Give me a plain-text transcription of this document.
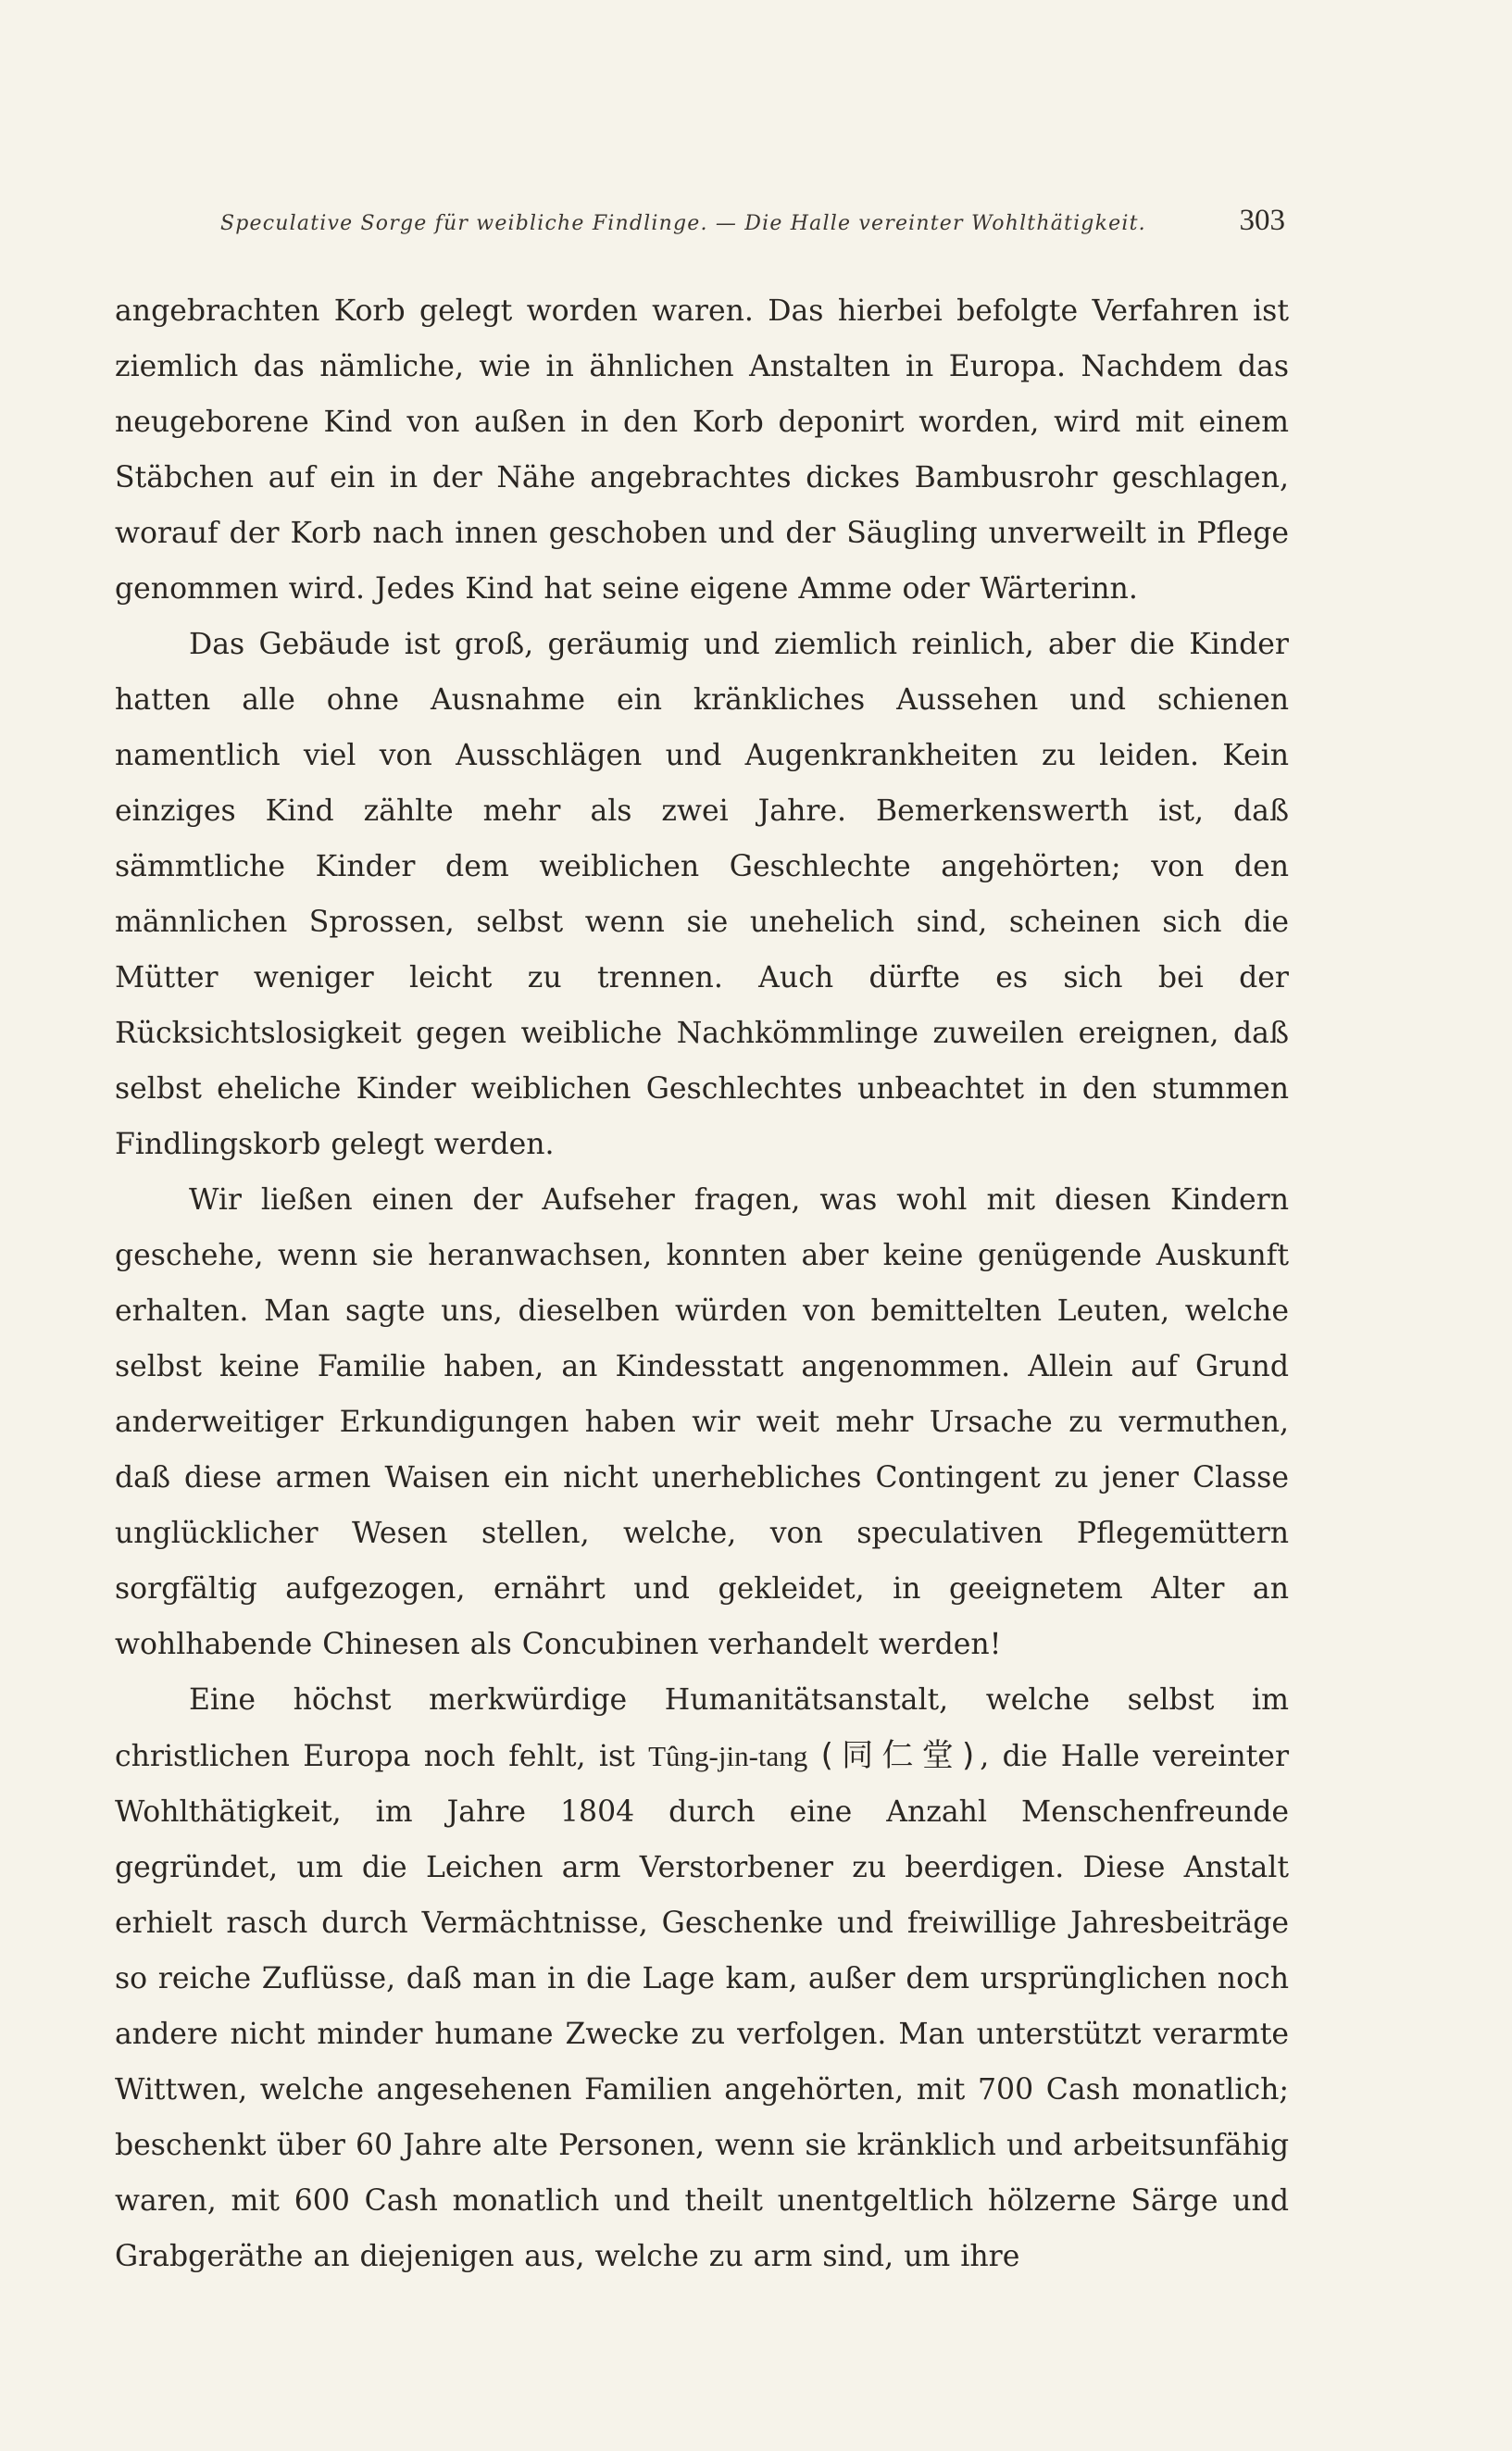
Speculative Sorge für weibliche Findlinge. — Die Halle vereinter Wohlthätigkeit.	303

angebrachten Korb gelegt worden waren. Das hierbei befolgte Verfahren ist ziemlich das nämliche, wie in ähnlichen Anstalten in Europa. Nachdem das neugeborene Kind von außen in den Korb deponirt worden, wird mit einem Stäbchen auf ein in der Nähe angebrachtes dickes Bambusrohr geschlagen, worauf der Korb nach innen geschoben und der Säugling unverweilt in Pflege genommen wird. Jedes Kind hat seine eigene Amme oder Wärterinn.

Das Gebäude ist groß, geräumig und ziemlich reinlich, aber die Kinder hatten alle ohne Ausnahme ein kränkliches Aussehen und schienen namentlich viel von Ausschlägen und Augenkrankheiten zu leiden. Kein einziges Kind zählte mehr als zwei Jahre. Bemerkenswerth ist, daß sämmtliche Kinder dem weiblichen Geschlechte angehörten; von den männlichen Sprossen, selbst wenn sie unehelich sind, scheinen sich die Mütter weniger leicht zu trennen. Auch dürfte es sich bei der Rücksichtslosigkeit gegen weibliche Nachkömmlinge zuweilen ereignen, daß selbst eheliche Kinder weiblichen Geschlechtes unbeachtet in den stummen Findlingskorb gelegt werden.

Wir ließen einen der Aufseher fragen, was wohl mit diesen Kindern geschehe, wenn sie heranwachsen, konnten aber keine genügende Auskunft erhalten. Man sagte uns, dieselben würden von bemittelten Leuten, welche selbst keine Familie haben, an Kindesstatt angenommen. Allein auf Grund anderweitiger Erkundigungen haben wir weit mehr Ursache zu vermuthen, daß diese armen Waisen ein nicht unerhebliches Contingent zu jener Classe unglücklicher Wesen stellen, welche, von speculativen Pflegemüttern sorgfältig aufgezogen, ernährt und gekleidet, in geeignetem Alter an wohlhabende Chinesen als Concubinen verhandelt werden!

Eine höchst merkwürdige Humanitätsanstalt, welche selbst im christlichen Europa noch fehlt, ist Tûng-jin-tang (同仁堂), die Halle vereinter Wohlthätigkeit, im Jahre 1804 durch eine Anzahl Menschenfreunde gegründet, um die Leichen arm Verstorbener zu beerdigen. Diese Anstalt erhielt rasch durch Vermächtnisse, Geschenke und freiwillige Jahresbeiträge so reiche Zuflüsse, daß man in die Lage kam, außer dem ursprünglichen noch andere nicht minder humane Zwecke zu verfolgen. Man unterstützt verarmte Wittwen, welche angesehenen Familien angehörten, mit 700 Cash monatlich; beschenkt über 60 Jahre alte Personen, wenn sie kränklich und arbeitsunfähig waren, mit 600 Cash monatlich und theilt unentgeltlich hölzerne Särge und Grabgeräthe an diejenigen aus, welche zu arm sind, um ihre
